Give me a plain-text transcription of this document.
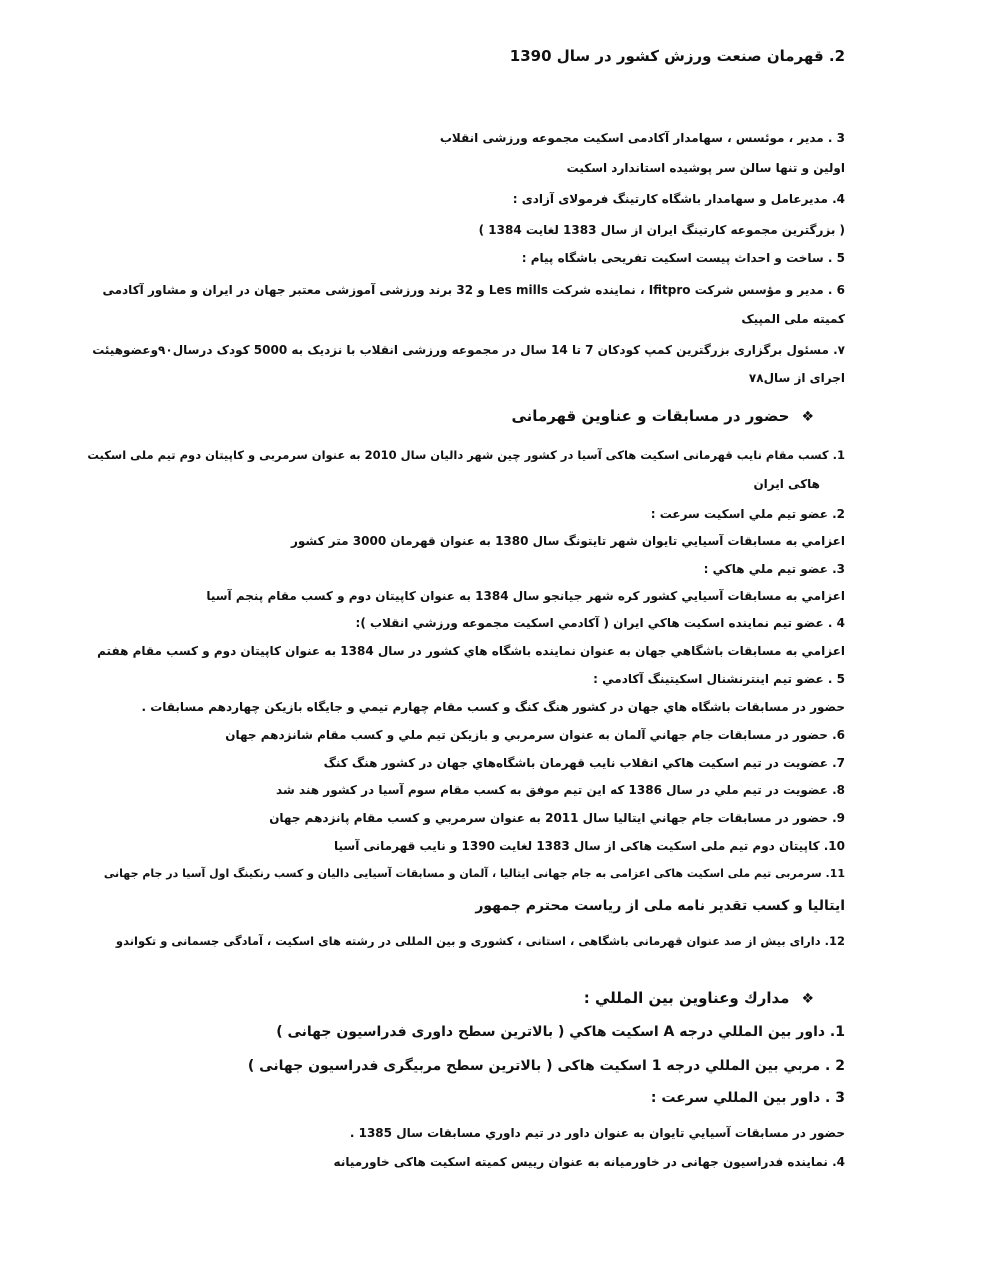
2. قهرمان صنعت ورزش کشور در سال 1390
3 . مدیر ، موئسس ، سهامدار آکادمی اسکیت مجموعه ورزشی انقلاب
اولین و تنها سالن سر پوشیده استاندارد اسکیت
4. مدیرعامل و سهامدار باشگاه کارتینگ فرمولای آزادی :
( بزرگترین مجموعه کارتینگ ایران از سال 1383 لغایت 1384 )
5 . ساخت و احداث پیست اسکیت تفریحی باشگاه پیام :
6 . مدیر و مؤسس شرکت Ifitpro ، نماینده شرکت Les mills و 32 برند ورزشی آموزشی معتبر جهان در ایران و مشاور آکادمی
کمیته ملی المپیک
۷. مسئول برگزاری بزرگترین کمپ کودکان 7 تا 14 سال در مجموعه ورزشی انقلاب با نزدیک به 5000 کودک درسال۹۰وعضوهیئت
اجرای از سال۷۸
❖حضور در مسابقات و عناوین قهرمانی
1. کسب مقام نایب قهرمانی اسکیت هاکی آسیا در کشور چین شهر دالیان سال 2010 به عنوان سرمربی و کاپیتان دوم تیم ملی اسکیت
هاکی ایران
2. عضو تیم ملي اسکیت سرعت :
اعزامي به مسابقات آسیايي تایوان شهر تایتونگ سال 1380 به عنوان قهرمان 3000 متر کشور
3. عضو تیم ملي هاکي :
اعزامي به مسابقات آسیايي کشور کره شهر جیانجو سال 1384 به عنوان کاپیتان دوم و کسب مقام پنجم آسیا
4 . عضو تیم نماینده اسکیت هاکي ایران ( آکادمي اسکیت مجموعه ورزشي انقلاب ):
اعزامي به مسابقات باشگاهي جهان به عنوان نماینده باشگاه هاي کشور در سال 1384 به عنوان کاپیتان دوم و کسب مقام هفتم
5 . عضو تیم اینترنشنال اسکیتینگ آکادمي :
حضور در مسابقات باشگاه هاي جهان در کشور هنگ کنگ و کسب مقام چهارم تیمي و جایگاه بازیکن چهاردهم مسابقات .
6. حضور در مسابقات جام جهاني آلمان به عنوان سرمربي و بازیکن تیم ملي و کسب مقام شانزدهم جهان
7. عضویت در تیم اسکیت هاکي انقلاب نایب قهرمان باشگاه‌هاي جهان در کشور هنگ کنگ
8. عضویت در تیم ملي در سال 1386 که این تیم موفق به کسب مقام سوم آسیا در کشور هند شد
9. حضور در مسابقات جام جهاني ایتالیا سال 2011 به عنوان سرمربي و کسب مقام پانزدهم جهان
10. کاپیتان دوم تیم ملی اسکیت هاکی از سال 1383 لغایت 1390 و نایب قهرمانی آسیا
11. سرمربی تیم ملی اسکیت هاکی اعزامی به جام جهانی ایتالیا ، آلمان و مسابقات آسیایی دالیان و کسب رنکینگ اول آسیا در جام جهانی
ایتالیا و کسب تقدیر نامه ملی از ریاست محترم جمهور
12. دارای بیش از صد عنوان قهرمانی باشگاهی ، استانی ، کشوری و بین المللی در رشته های اسکیت ، آمادگی جسمانی و تکواندو
❖مدارك وعناوين بين المللي :
1. داور بين المللي درجه A اسکیت هاکي ( بالاترین سطح داوری فدراسیون جهانی )
2 . مربي بين المللي درجه 1 اسکیت هاکی ( بالاترین سطح مربیگری فدراسیون جهانی )
3 . داور بين المللي سرعت :
حضور در مسابقات آسیايي تایوان به عنوان داور در تیم داوري مسابقات سال 1385 .
4. نماینده فدراسیون جهانی در خاورمیانه به عنوان رییس کمیته اسکیت هاکی خاورمیانه
